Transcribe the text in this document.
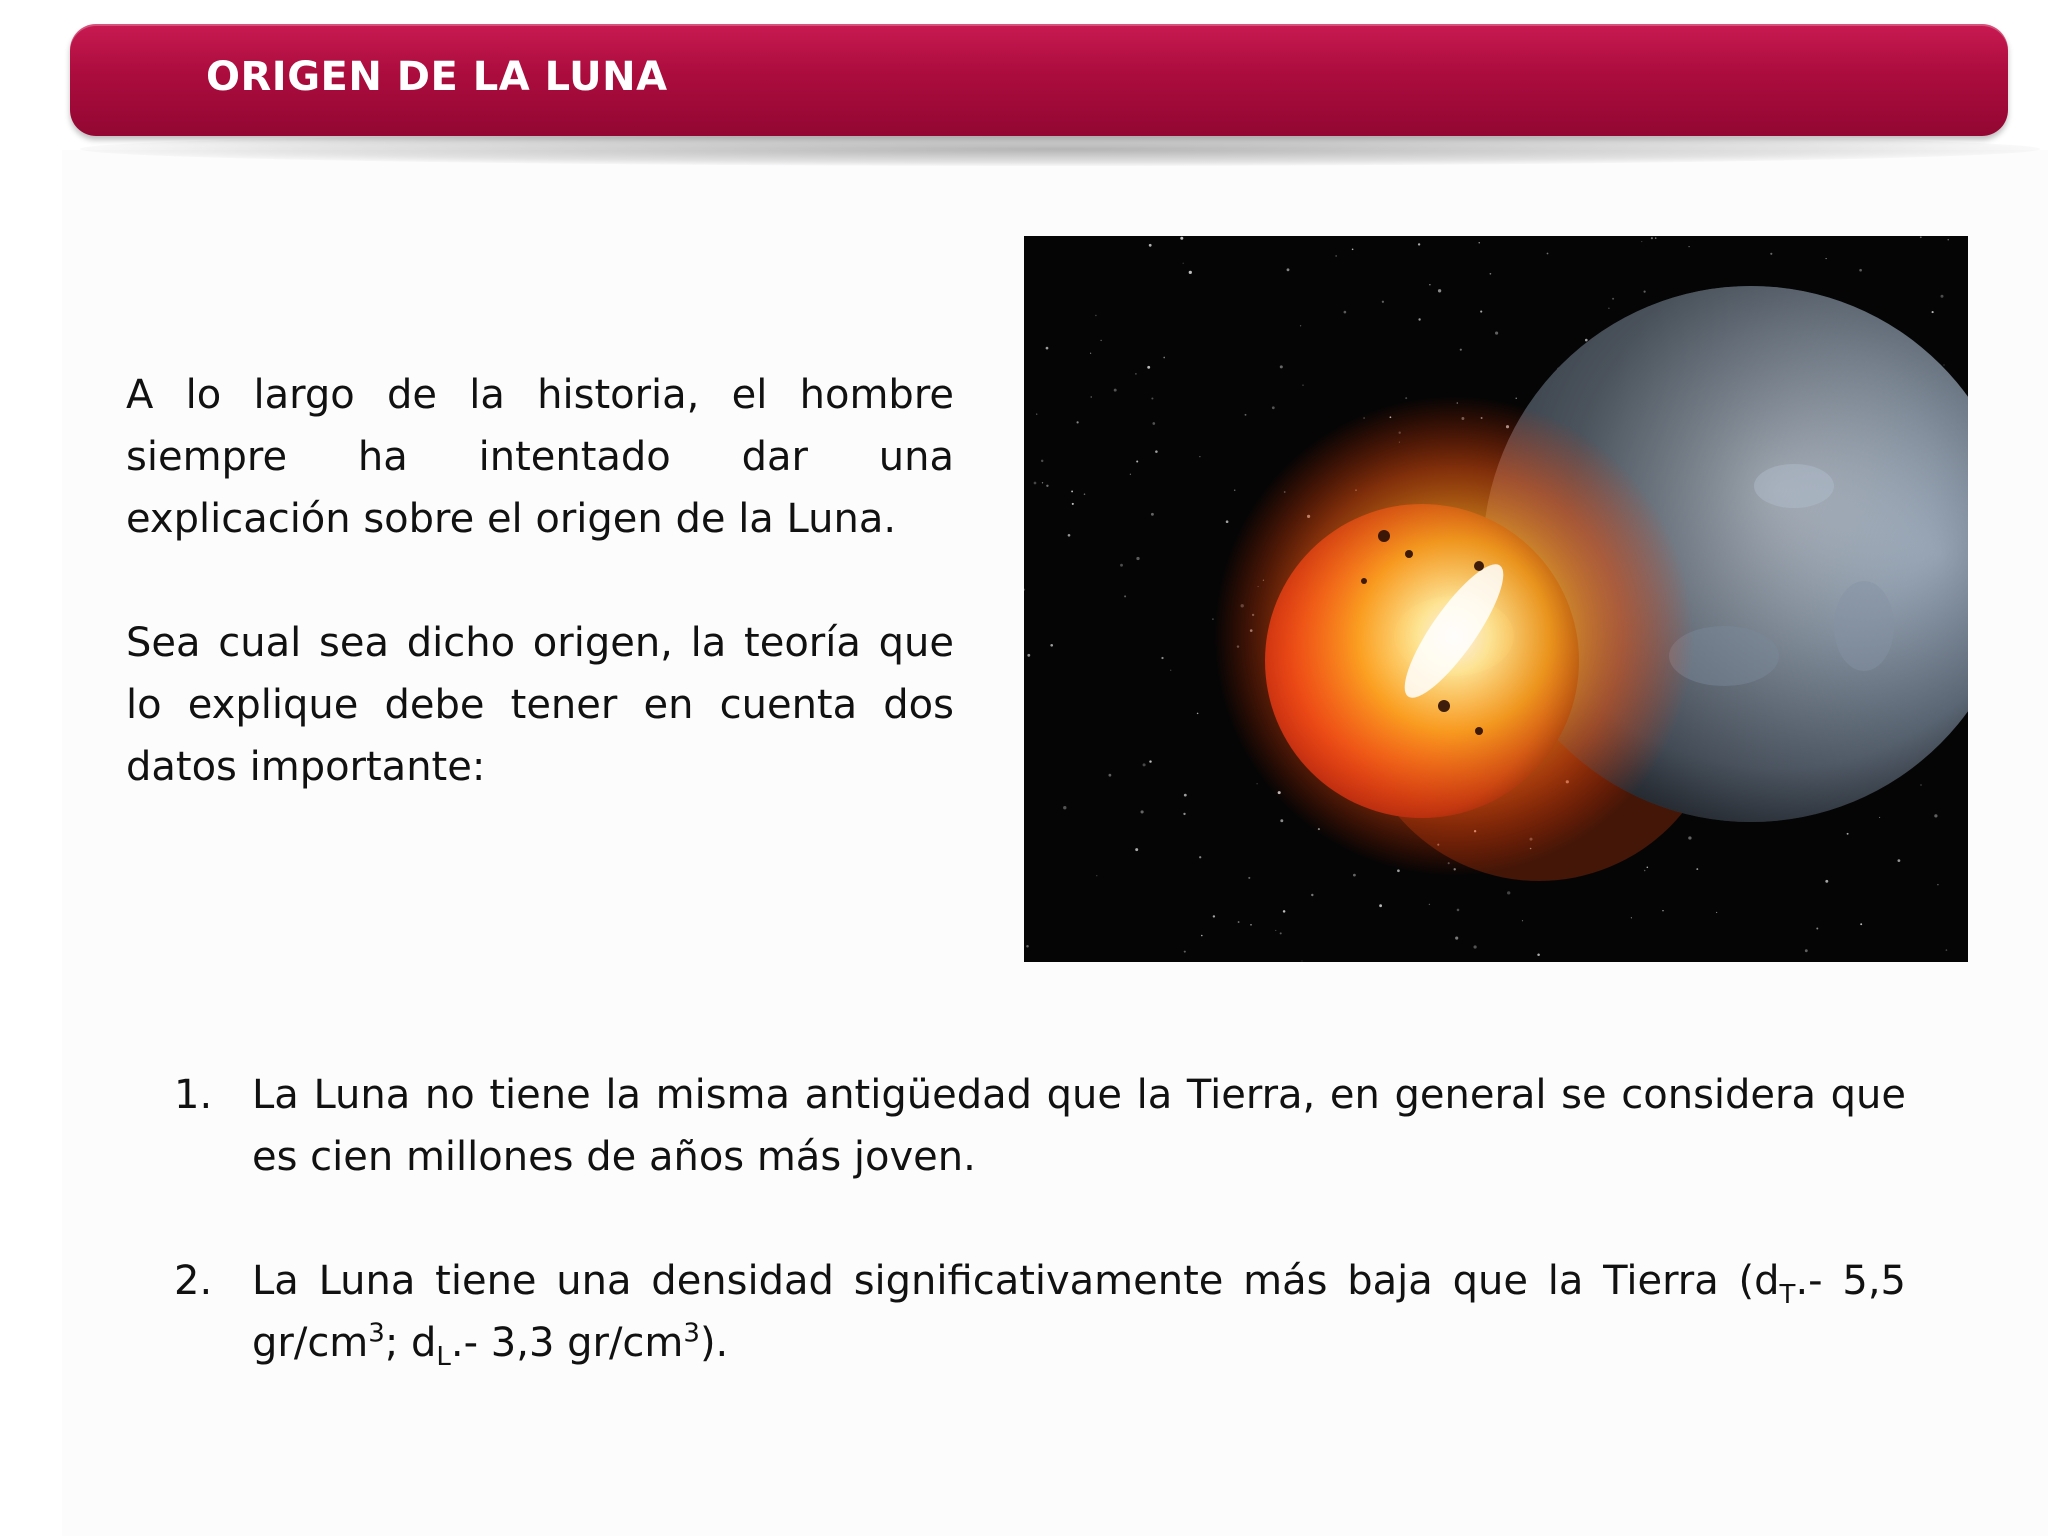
ORIGEN DE LA LUNA

A lo largo de la historia, el hombre siempre ha intentado dar una explicación sobre el origen de la Luna.

Sea cual sea dicho origen, la teoría que lo explique debe tener en cuenta dos datos importante:

1. La Luna no tiene la misma antigüedad que la Tierra, en general se considera que es cien millones de años más joven.
2. La Luna tiene una densidad significativamente más baja que la Tierra ($d_T.-$ 5,5 $gr/cm^3$; $d_L.-$ 3,3 $gr/cm^3$).
